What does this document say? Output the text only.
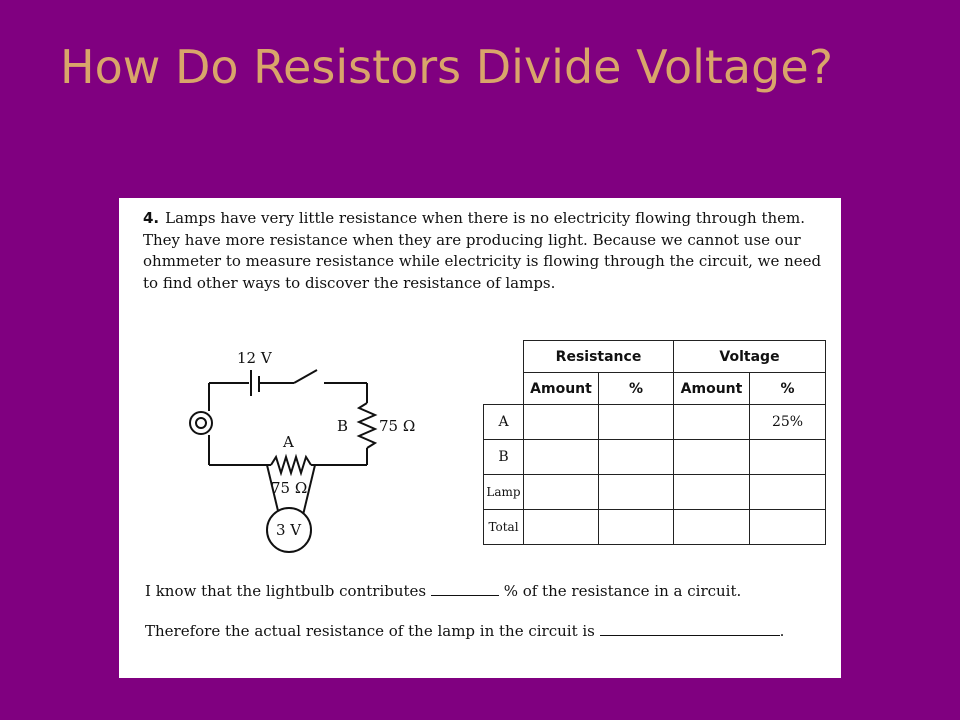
How Do Resistors Divide Voltage?

4. Lamps have very little resistance when there is no electricity flowing through them. They have more resistance when they are producing light. Because we cannot use our ohmmeter to measure resistance while electricity is flowing through the circuit, we need to find other ways to discover the resistance of lamps.

12 V
B 75 Ω
A
75 Ω
3 V
	Resistance		Voltage	
	Amount	%	Amount	%
A				25%
B				
Lamp				
Total				

I know that the lightbulb contributes	% of the resistance in a circuit.

Therefore the actual resistance of the lamp in the circuit is	.
